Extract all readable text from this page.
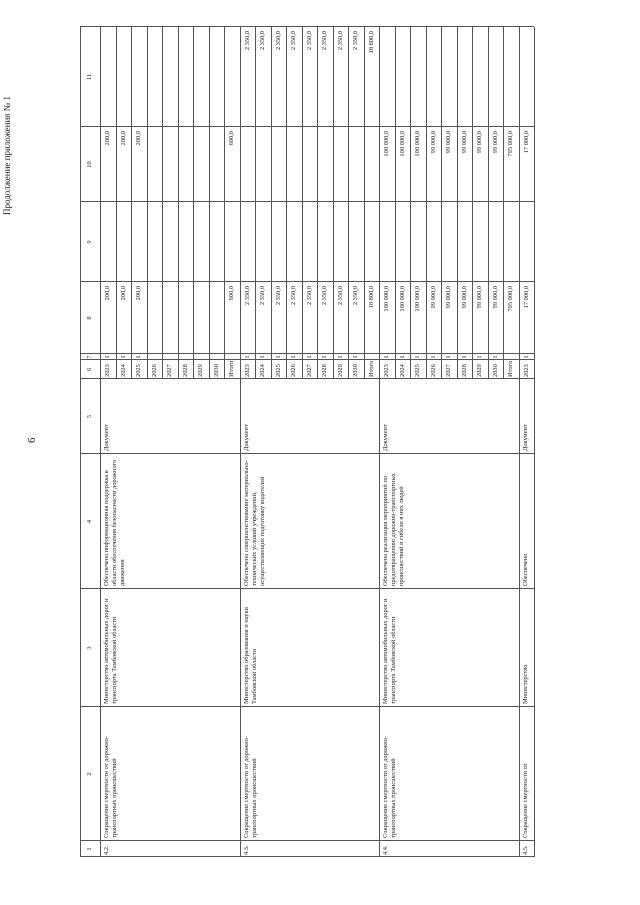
6
Продолжение приложения № 1
1
2
3
4
5
6
7
8
9
10
11
4.2.
Сокращение смертности от дорожно-транспортных происшествий
Министерство автомобильных дорог и транспорта Тамбовской области
Обеспечена информационная поддержка в области обеспечения безопасности дорожного движения
Документ
2023
1
200,0
200,0
2024
1
200,0
200,0
2025
1
200,0
200,0
2026 2027 2028 2029 2030 Итого
600,0
600,0
4.3.
Сокращение смертности от дорожно-транспортных происшествий
Министерство образования и науки Тамбовской области
Обеспечено совершенствование материально-технических условий учреждений, осуществляющих подготовку водителей
Документ
2023
1
2 350,0
2 350,0
2024
1
2 350,0
2 350,0
2025
1
2 350,0
2 350,0
2026
1
2 350,0
2 350,0
2027
1
2 350,0
2 350,0
2028
1
2 350,0
2 350,0
2029
1
2 350,0
2 350,0
2030
1
2 350,0
2 350,0
Итого
18 800,0
18 800,0
4.4.
Сокращение смертности от дорожно-транспортных происшествий
Министерство автомобильных дорог и транспорта Тамбовской области
Обеспечена реализация мероприятий по предотвращению дорожно-транспортных происшествий и гибели в них людей
Документ
2023
1
100 000,0
100 000,0
2024
1
100 000,0
100 000,0
2025
1
100 000,0
100 000,0
2026
1
99 000,0
99 000,0
2027
1
99 000,0
99 000,0
2028
1
99 000,0
99 000,0
2029
1
99 000,0
99 000,0
2030
1
99 000,0
99 000,0
Итого
795 000,0
795 000,0
4.5.
Сокращение смертности от
Министерство
Обеспечено
Документ
2023
1
17 000,0
17 000,0
